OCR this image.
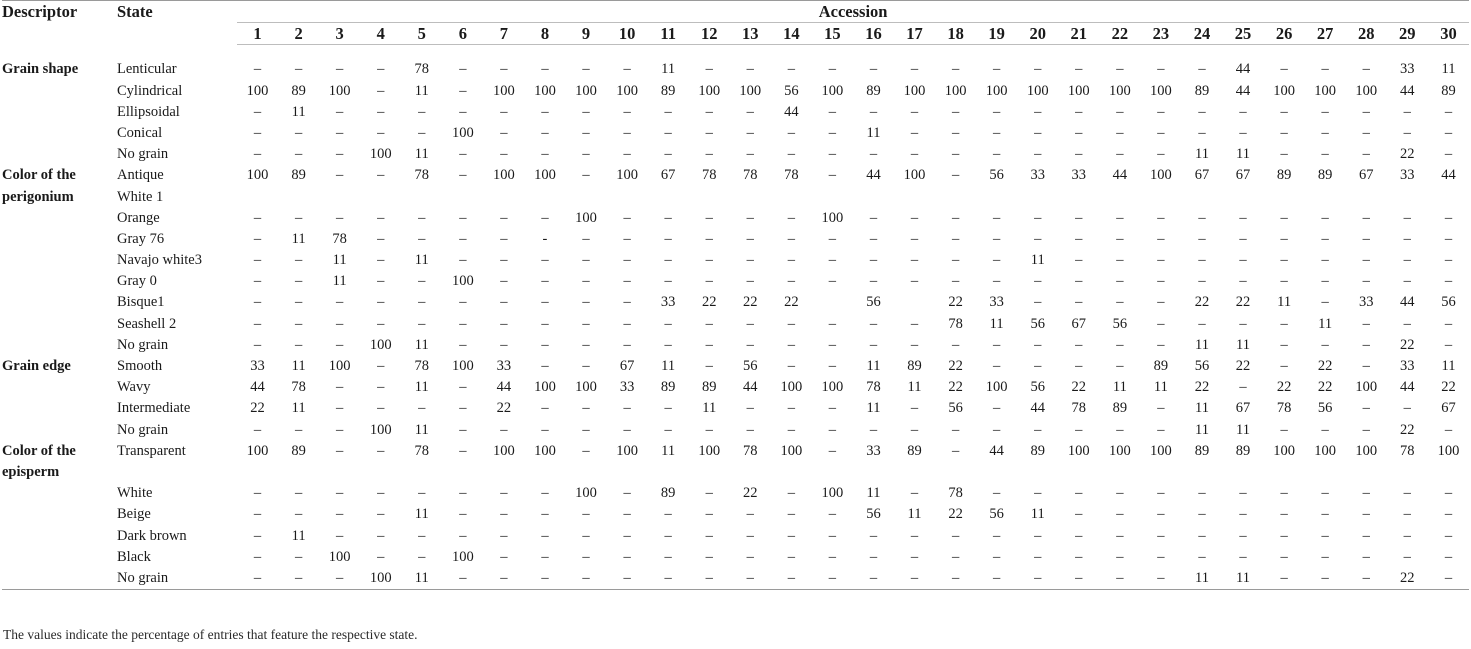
Descriptor	State	Accession																													
		1	2	3	4	5	6	7	8	9	10	11	12	13	14	15	16	17	18	19	20	21	22	23	24	25	26	27	28	29	30

Grain shape	Lenticular	–	–	–	–	78	–	–	–	–	–	11	–	–	–	–	–	–	–	–	–	–	–	–	–	44	–	–	–	33	11
	Cylindrical	100	89	100	–	11	–	100	100	100	100	89	100	100	56	100	89	100	100	100	100	100	100	100	89	44	100	100	100	44	89
	Ellipsoidal	–	11	–	–	–	–	–	–	–	–	–	–	–	44	–	–	–	–	–	–	–	–	–	–	–	–	–	–	–	–
	Conical	–	–	–	–	–	100	–	–	–	–	–	–	–	–	–	11	–	–	–	–	–	–	–	–	–	–	–	–	–	–
	No grain	–	–	–	100	11	–	–	–	–	–	–	–	–	–	–	–	–	–	–	–	–	–	–	11	11	–	–	–	22	–
Color of the	Antique	100	89	–	–	78	–	100	100	–	100	67	78	78	78	–	44	100	–	56	33	33	44	100	67	67	89	89	67	33	44
perigonium	White 1																														
	Orange	–	–	–	–	–	–	–	–	100	–	–	–	–	–	100	–	–	–	–	–	–	–	–	–	–	–	–	–	–	–
	Gray 76	–	11	78	–	–	–	–	-	–	–	–	–	–	–	–	–	–	–	–	–	–	–	–	–	–	–	–	–	–	–
	Navajo white3	–	–	11	–	11	–	–	–	–	–	–	–	–	–	–	–	–	–	–	11	–	–	–	–	–	–	–	–	–	–
	Gray 0	–	–	11	–	–	100	–	–	–	–	–	–	–	–	–	–	–	–	–	–	–	–	–	–	–	–	–	–	–	–
	Bisque1	–	–	–	–	–	–	–	–	–	–	33	22	22	22		56		22	33	–	–	–	–	22	22	11	–	33	44	56
	Seashell 2	–	–	–	–	–	–	–	–	–	–	–	–	–	–	–	–	–	78	11	56	67	56	–	–	–	–	11	–	–	–
	No grain	–	–	–	100	11	–	–	–	–	–	–	–	–	–	–	–	–	–	–	–	–	–	–	11	11	–	–	–	22	–
Grain edge	Smooth	33	11	100	–	78	100	33	–	–	67	11	–	56	–	–	11	89	22	–	–	–	–	89	56	22	–	22	–	33	11
	Wavy	44	78	–	–	11	–	44	100	100	33	89	89	44	100	100	78	11	22	100	56	22	11	11	22	–	22	22	100	44	22
	Intermediate	22	11	–	–	–	–	22	–	–	–	–	11	–	–	–	11	–	56	–	44	78	89	–	11	67	78	56	–	–	67
	No grain	–	–	–	100	11	–	–	–	–	–	–	–	–	–	–	–	–	–	–	–	–	–	–	11	11	–	–	–	22	–
Color of the	Transparent	100	89	–	–	78	–	100	100	–	100	11	100	78	100	–	33	89	–	44	89	100	100	100	89	89	100	100	100	78	100
episperm																															
	White	–	–	–	–	–	–	–	–	100	–	89	–	22	–	100	11	–	78	–	–	–	–	–	–	–	–	–	–	–	–
	Beige	–	–	–	–	11	–	–	–	–	–	–	–	–	–	–	56	11	22	56	11	–	–	–	–	–	–	–	–	–	–
	Dark brown	–	11	–	–	–	–	–	–	–	–	–	–	–	–	–	–	–	–	–	–	–	–	–	–	–	–	–	–	–	–
	Black	–	–	100	–	–	100	–	–	–	–	–	–	–	–	–	–	–	–	–	–	–	–	–	–	–	–	–	–	–	–
	No grain	–	–	–	100	11	–	–	–	–	–	–	–	–	–	–	–	–	–	–	–	–	–	–	11	11	–	–	–	22	–
The values indicate the percentage of entries that feature the respective state.
